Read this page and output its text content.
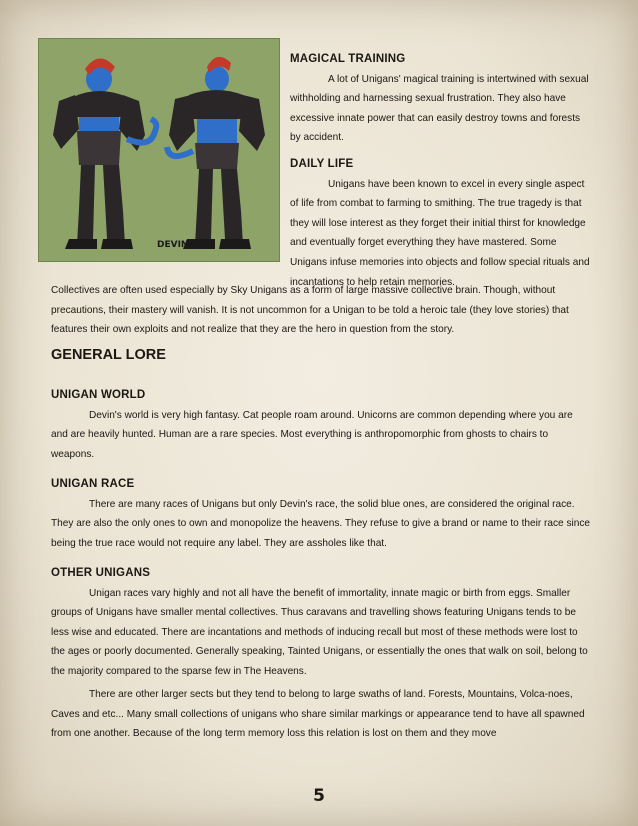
DEVIN
MAGICAL TRAINING

A lot of Unigans' magical training is intertwined with sexual withholding and harnessing sexual frustration. They also have excessive innate power that can easily destroy towns and forests by accident.

DAILY LIFE

Unigans have been known to excel in every single aspect of life from combat to farming to smithing. The true tragedy is that they will lose interest as they forget their initial thirst for knowledge and eventually forget everything they have mastered. Some Unigans infuse memories into objects and follow special rituals and incantations to help retain memories.

Collectives are often used especially by Sky Unigans as a form of large massive collective brain. Though, without precautions, their mastery will vanish. It is not uncommon for a Unigan to be told a heroic tale (they love stories) that features their own exploits and not realize that they are the hero in question from the story.

GENERAL LORE
UNIGAN WORLD

Devin's world is very high fantasy. Cat people roam around. Unicorns are common depending where you are and are heavily hunted. Human are a rare species. Most everything is anthropomorphic from ghosts to chairs to weapons.

UNIGAN RACE

There are many races of Unigans but only Devin's race, the solid blue ones, are considered the original race. They are also the only ones to own and monopolize the heavens. They refuse to give a brand or name to their race since being the true race would not require any label. They are assholes like that.

OTHER UNIGANS

Unigan races vary highly and not all have the benefit of immortality, innate magic or birth from eggs. Smaller groups of Unigans have smaller mental collectives. Thus caravans and travelling shows featuring Unigans tends to be less wise and educated. There are incantations and methods of inducing recall but most of these methods were lost to the ages or poorly documented. Generally speaking, Tainted Unigans, or essentially the ones that walk on soil, belong to the majority compared to the sparse few in The Heavens.

There are other larger sects but they tend to belong to large swaths of land. Forests, Mountains, Volca-noes, Caves and etc... Many small collections of unigans who share similar markings or appearance tend to have all spawned from one another. Because of the long term memory loss this relation is lost on them and they move

5
